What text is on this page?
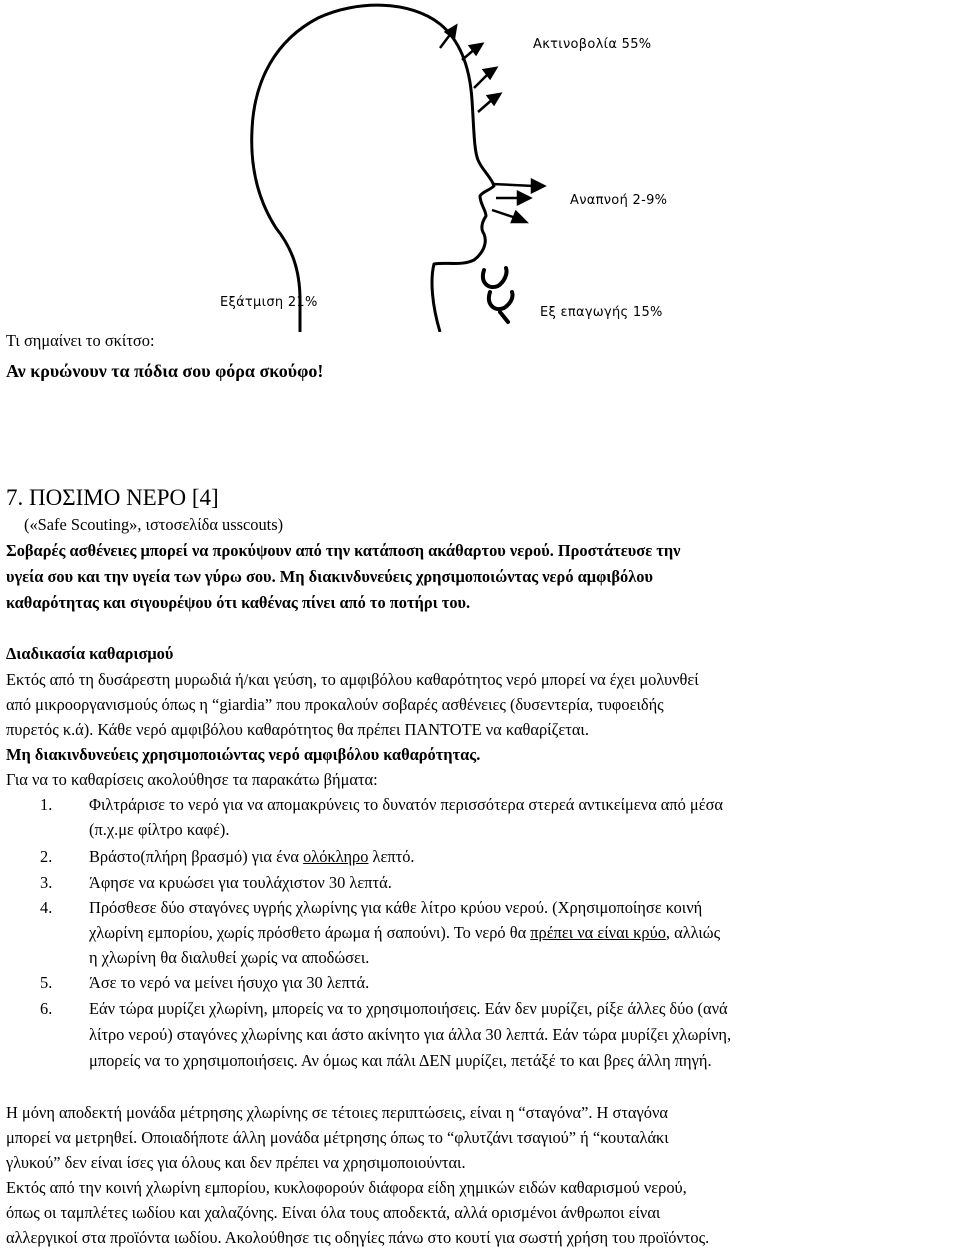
Ακτινοβολία 55%
Αναπνοή 2-9%
Εξάτμιση 21%
Εξ επαγωγής 15%
Τι σημαίνει το σκίτσο:
Αν κρυώνουν τα πόδια σου φόρα σκούφο!
7. ΠΟΣΙΜΟ ΝΕΡΟ [4]
(«Safe Scouting», ιστοσελίδα usscouts)
Σοβαρές ασθένειες μπορεί να προκύψουν από την κατάποση ακάθαρτου νερού. Προστάτευσε την
υγεία σου και την υγεία των γύρω σου. Μη διακινδυνεύεις χρησιμοποιώντας νερό αμφιβόλου
καθαρότητας και σιγουρέψου ότι καθένας πίνει από το ποτήρι του.
Διαδικασία καθαρισμού
Εκτός από τη δυσάρεστη μυρωδιά ή/και γεύση, το αμφιβόλου καθαρότητος νερό μπορεί να έχει μολυνθεί
από μικροοργανισμούς όπως η “giardia” που προκαλούν σοβαρές ασθένειες (δυσεντερία, τυφοειδής
πυρετός κ.ά). Κάθε νερό αμφιβόλου καθαρότητος θα πρέπει ΠΑΝΤΟΤΕ να καθαρίζεται.
Μη διακινδυνεύεις χρησιμοποιώντας νερό αμφιβόλου καθαρότητας.
Για να το καθαρίσεις ακολούθησε τα παρακάτω βήματα:
1. Φιλτράρισε το νερό για να απομακρύνεις το δυνατόν περισσότερα στερεά αντικείμενα από μέσα
(π.χ.με φίλτρο καφέ).
2. Βράστο(πλήρη βρασμό) για ένα ολόκληρο λεπτό.
3. Άφησε να κρυώσει για τουλάχιστον 30 λεπτά.
4. Πρόσθεσε δύο σταγόνες υγρής χλωρίνης για κάθε λίτρο κρύου νερού. (Χρησιμοποίησε κοινή
χλωρίνη εμπορίου, χωρίς πρόσθετο άρωμα ή σαπούνι). Το νερό θα πρέπει να είναι κρύο, αλλιώς
η χλωρίνη θα διαλυθεί χωρίς να αποδώσει.
5. Άσε το νερό να μείνει ήσυχο για 30 λεπτά.
6. Εάν τώρα μυρίζει χλωρίνη, μπορείς να το χρησιμοποιήσεις. Εάν δεν μυρίζει, ρίξε άλλες δύο (ανά
λίτρο νερού) σταγόνες χλωρίνης και άστο ακίνητο για άλλα 30 λεπτά. Εάν τώρα μυρίζει χλωρίνη,
μπορείς να το χρησιμοποιήσεις. Αν όμως και πάλι ΔΕΝ μυρίζει, πετάξέ το και βρες άλλη πηγή.
Η μόνη αποδεκτή μονάδα μέτρησης χλωρίνης σε τέτοιες περιπτώσεις, είναι η “σταγόνα”. Η σταγόνα
μπορεί να μετρηθεί. Οποιαδήποτε άλλη μονάδα μέτρησης όπως το “φλυτζάνι τσαγιού” ή “κουταλάκι
γλυκού” δεν είναι ίσες για όλους και δεν πρέπει να χρησιμοποιούνται.
Εκτός από την κοινή χλωρίνη εμπορίου, κυκλοφορούν διάφορα είδη χημικών ειδών καθαρισμού νερού,
όπως οι ταμπλέτες ιωδίου και χαλαζόνης. Είναι όλα τους αποδεκτά, αλλά ορισμένοι άνθρωποι είναι
αλλεργικοί στα προϊόντα ιωδίου. Ακολούθησε τις οδηγίες πάνω στο κουτί για σωστή χρήση του προϊόντος.
